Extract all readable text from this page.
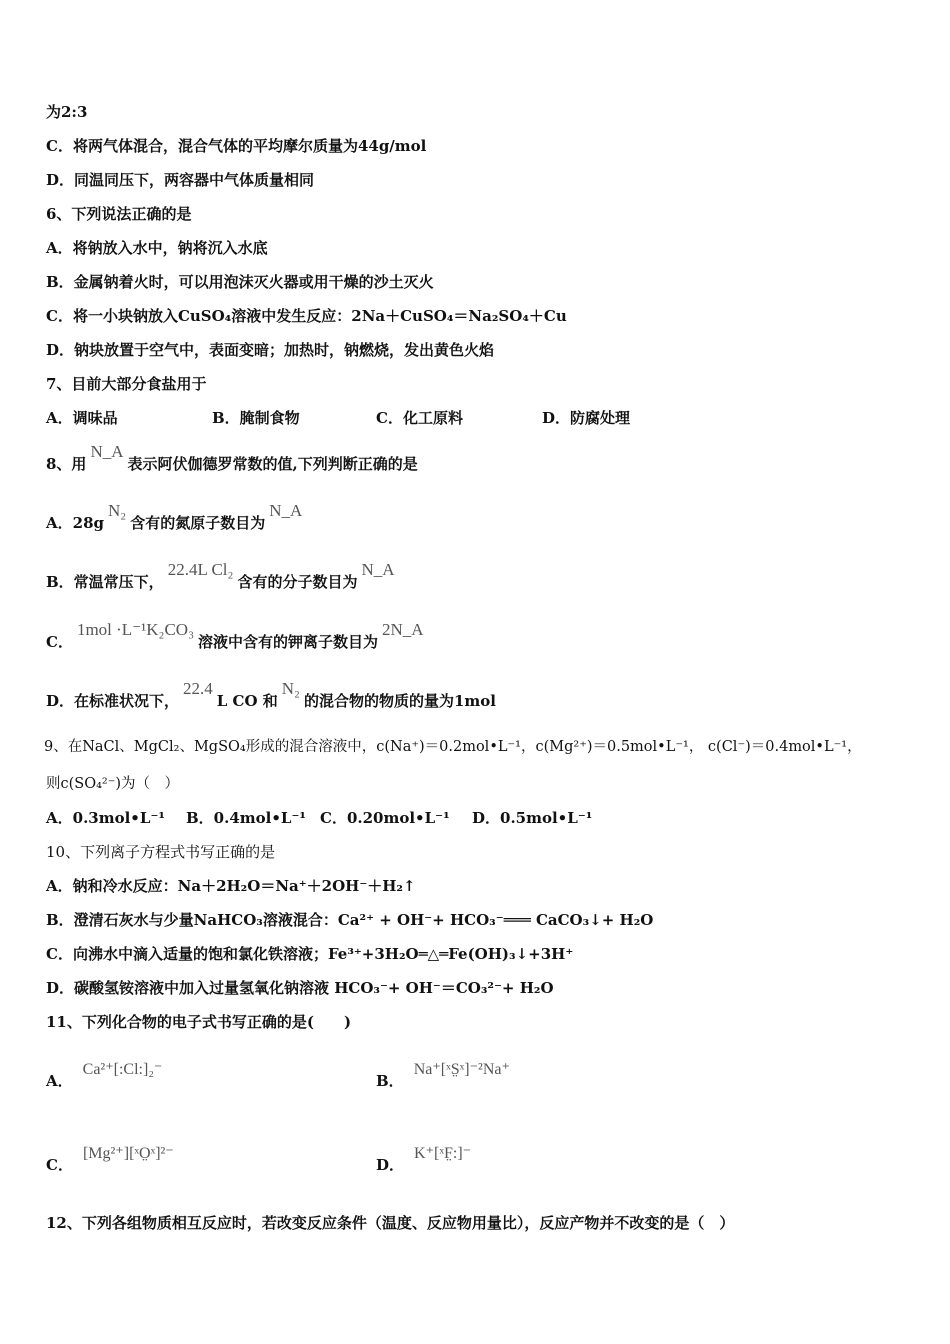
为2:3
C．将两气体混合，混合气体的平均摩尔质量为44g/mol
D．同温同压下，两容器中气体质量相同
6、下列说法正确的是
A．将钠放入水中，钠将沉入水底
B．金属钠着火时，可以用泡沫灭火器或用干燥的沙土灭火
C．将一小块钠放入CuSO₄溶液中发生反应：2Na＋CuSO₄＝Na₂SO₄＋Cu
D．钠块放置于空气中，表面变暗；加热时，钠燃烧，发出黄色火焰
7、目前大部分食盐用于
A．调味品	B．腌制食物	C．化工原料	D．防腐处理
8、用N_A表示阿伏伽德罗常数的值,下列判断正确的是
A．28gN₂含有的氮原子数目为N_A
B．常温常压下，22.4L Cl₂含有的分子数目为N_A
C．1mol ·L⁻¹K₂CO₃溶液中含有的钾离子数目为2N_A
D．在标准状况下，22.4L CO 和N₂的混合物的物质的量为1mol
9、在NaCl、MgCl₂、MgSO₄形成的混合溶液中，c(Na⁺)＝0.2mol•L⁻¹，c(Mg²⁺)＝0.5mol•L⁻¹， c(Cl⁻)＝0.4mol•L⁻¹，
则c(SO₄²⁻)为（　）
A．0.3mol•L⁻¹ B．0.4mol•L⁻¹ C．0.20mol•L⁻¹ D．0.5mol•L⁻¹
10、下列离子方程式书写正确的是
A．钠和冷水反应：Na＋2H₂O＝Na⁺＋2OH⁻＋H₂↑
B．澄清石灰水与少量NaHCO₃溶液混合：Ca²⁺ + OH⁻+ HCO₃⁻═══ CaCO₃↓+ H₂O
C．向沸水中滴入适量的饱和氯化铁溶液；Fe³⁺+3H₂O═△═Fe(OH)₃↓+3H⁺
D．碳酸氢铵溶液中加入过量氢氧化钠溶液 HCO₃⁻+ OH⁻＝CO₃²⁻+ H₂O
11、下列化合物的电子式书写正确的是(　　)
A．Ca²⁺[:Cl:]₂⁻
B．Na⁺[ˣS̤ˣ]⁻²Na⁺
C．[Mg²⁺][ˣO̤ˣ]²⁻
D．K⁺[ˣF̤:]⁻
12、下列各组物质相互反应时，若改变反应条件（温度、反应物用量比），反应产物并不改变的是（　）
